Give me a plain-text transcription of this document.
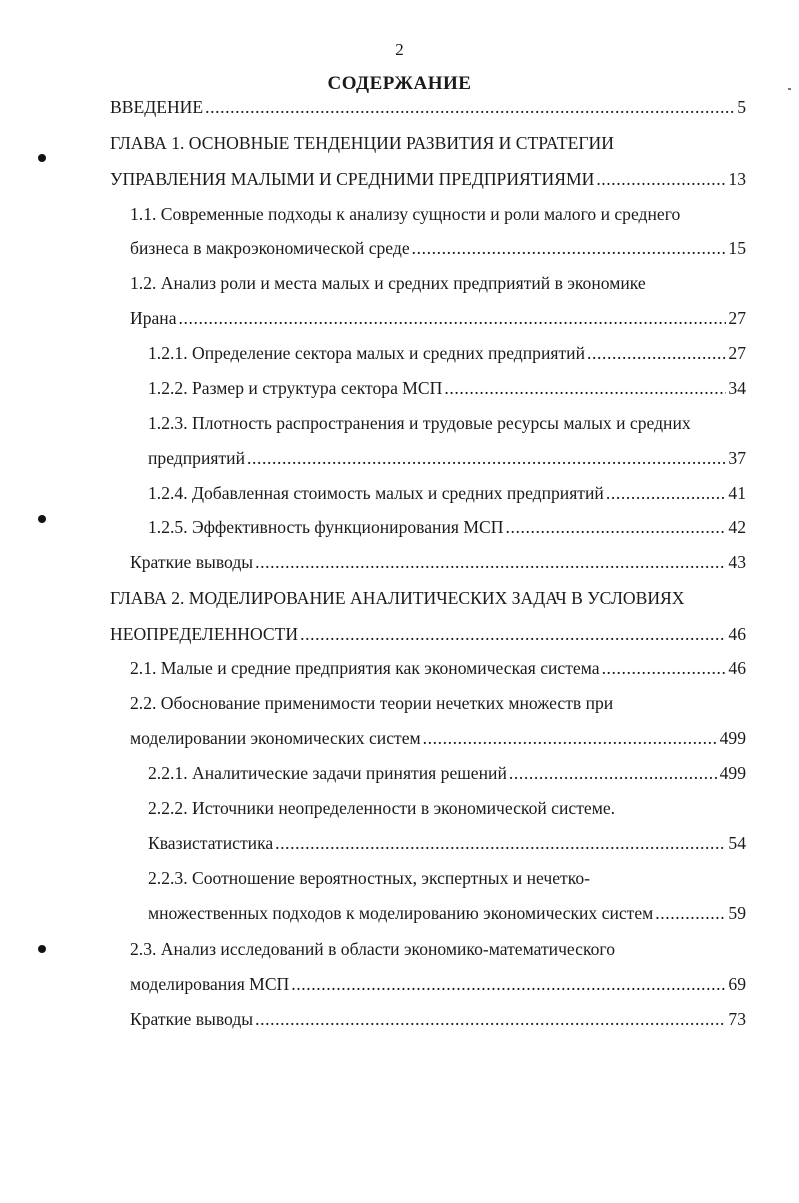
2
СОДЕРЖАНИЕ
ВВЕДЕНИЕ .....	5
ГЛАВА 1. ОСНОВНЫЕ ТЕНДЕНЦИИ РАЗВИТИЯ И СТРАТЕГИИ
УПРАВЛЕНИЯ МАЛЫМИ И СРЕДНИМИ ПРЕДПРИЯТИЯМИ .....	13
1.1. Современные подходы к анализу сущности и роли малого и среднего
бизнеса в макроэкономической среде .....	15
1.2. Анализ роли и места малых и средних предприятий в экономике
Ирана .....	27
1.2.1. Определение сектора малых и средних предприятий .....	27
1.2.2. Размер и структура сектора МСП .....	34
1.2.3. Плотность распространения и трудовые ресурсы малых и средних
предприятий .....	37
1.2.4. Добавленная стоимость малых и средних предприятий .....	41
1.2.5. Эффективность функционирования МСП .....	42
Краткие выводы .....	43
ГЛАВА 2. МОДЕЛИРОВАНИЕ АНАЛИТИЧЕСКИХ ЗАДАЧ В УСЛОВИЯХ
НЕОПРЕДЕЛЕННОСТИ .....	46
2.1. Малые и средние предприятия как экономическая система .....	46
2.2. Обоснование применимости теории нечетких множеств при
моделировании экономических систем .....	499
2.2.1. Аналитические задачи принятия решений .....	499
2.2.2. Источники неопределенности в экономической системе.
Квазистатистика .....	54
2.2.3. Соотношение вероятностных, экспертных и нечетко-
множественных подходов к моделированию экономических систем .....	59
2.3. Анализ исследований в области экономико-математического
моделирования МСП .....	69
Краткие выводы .....	73
